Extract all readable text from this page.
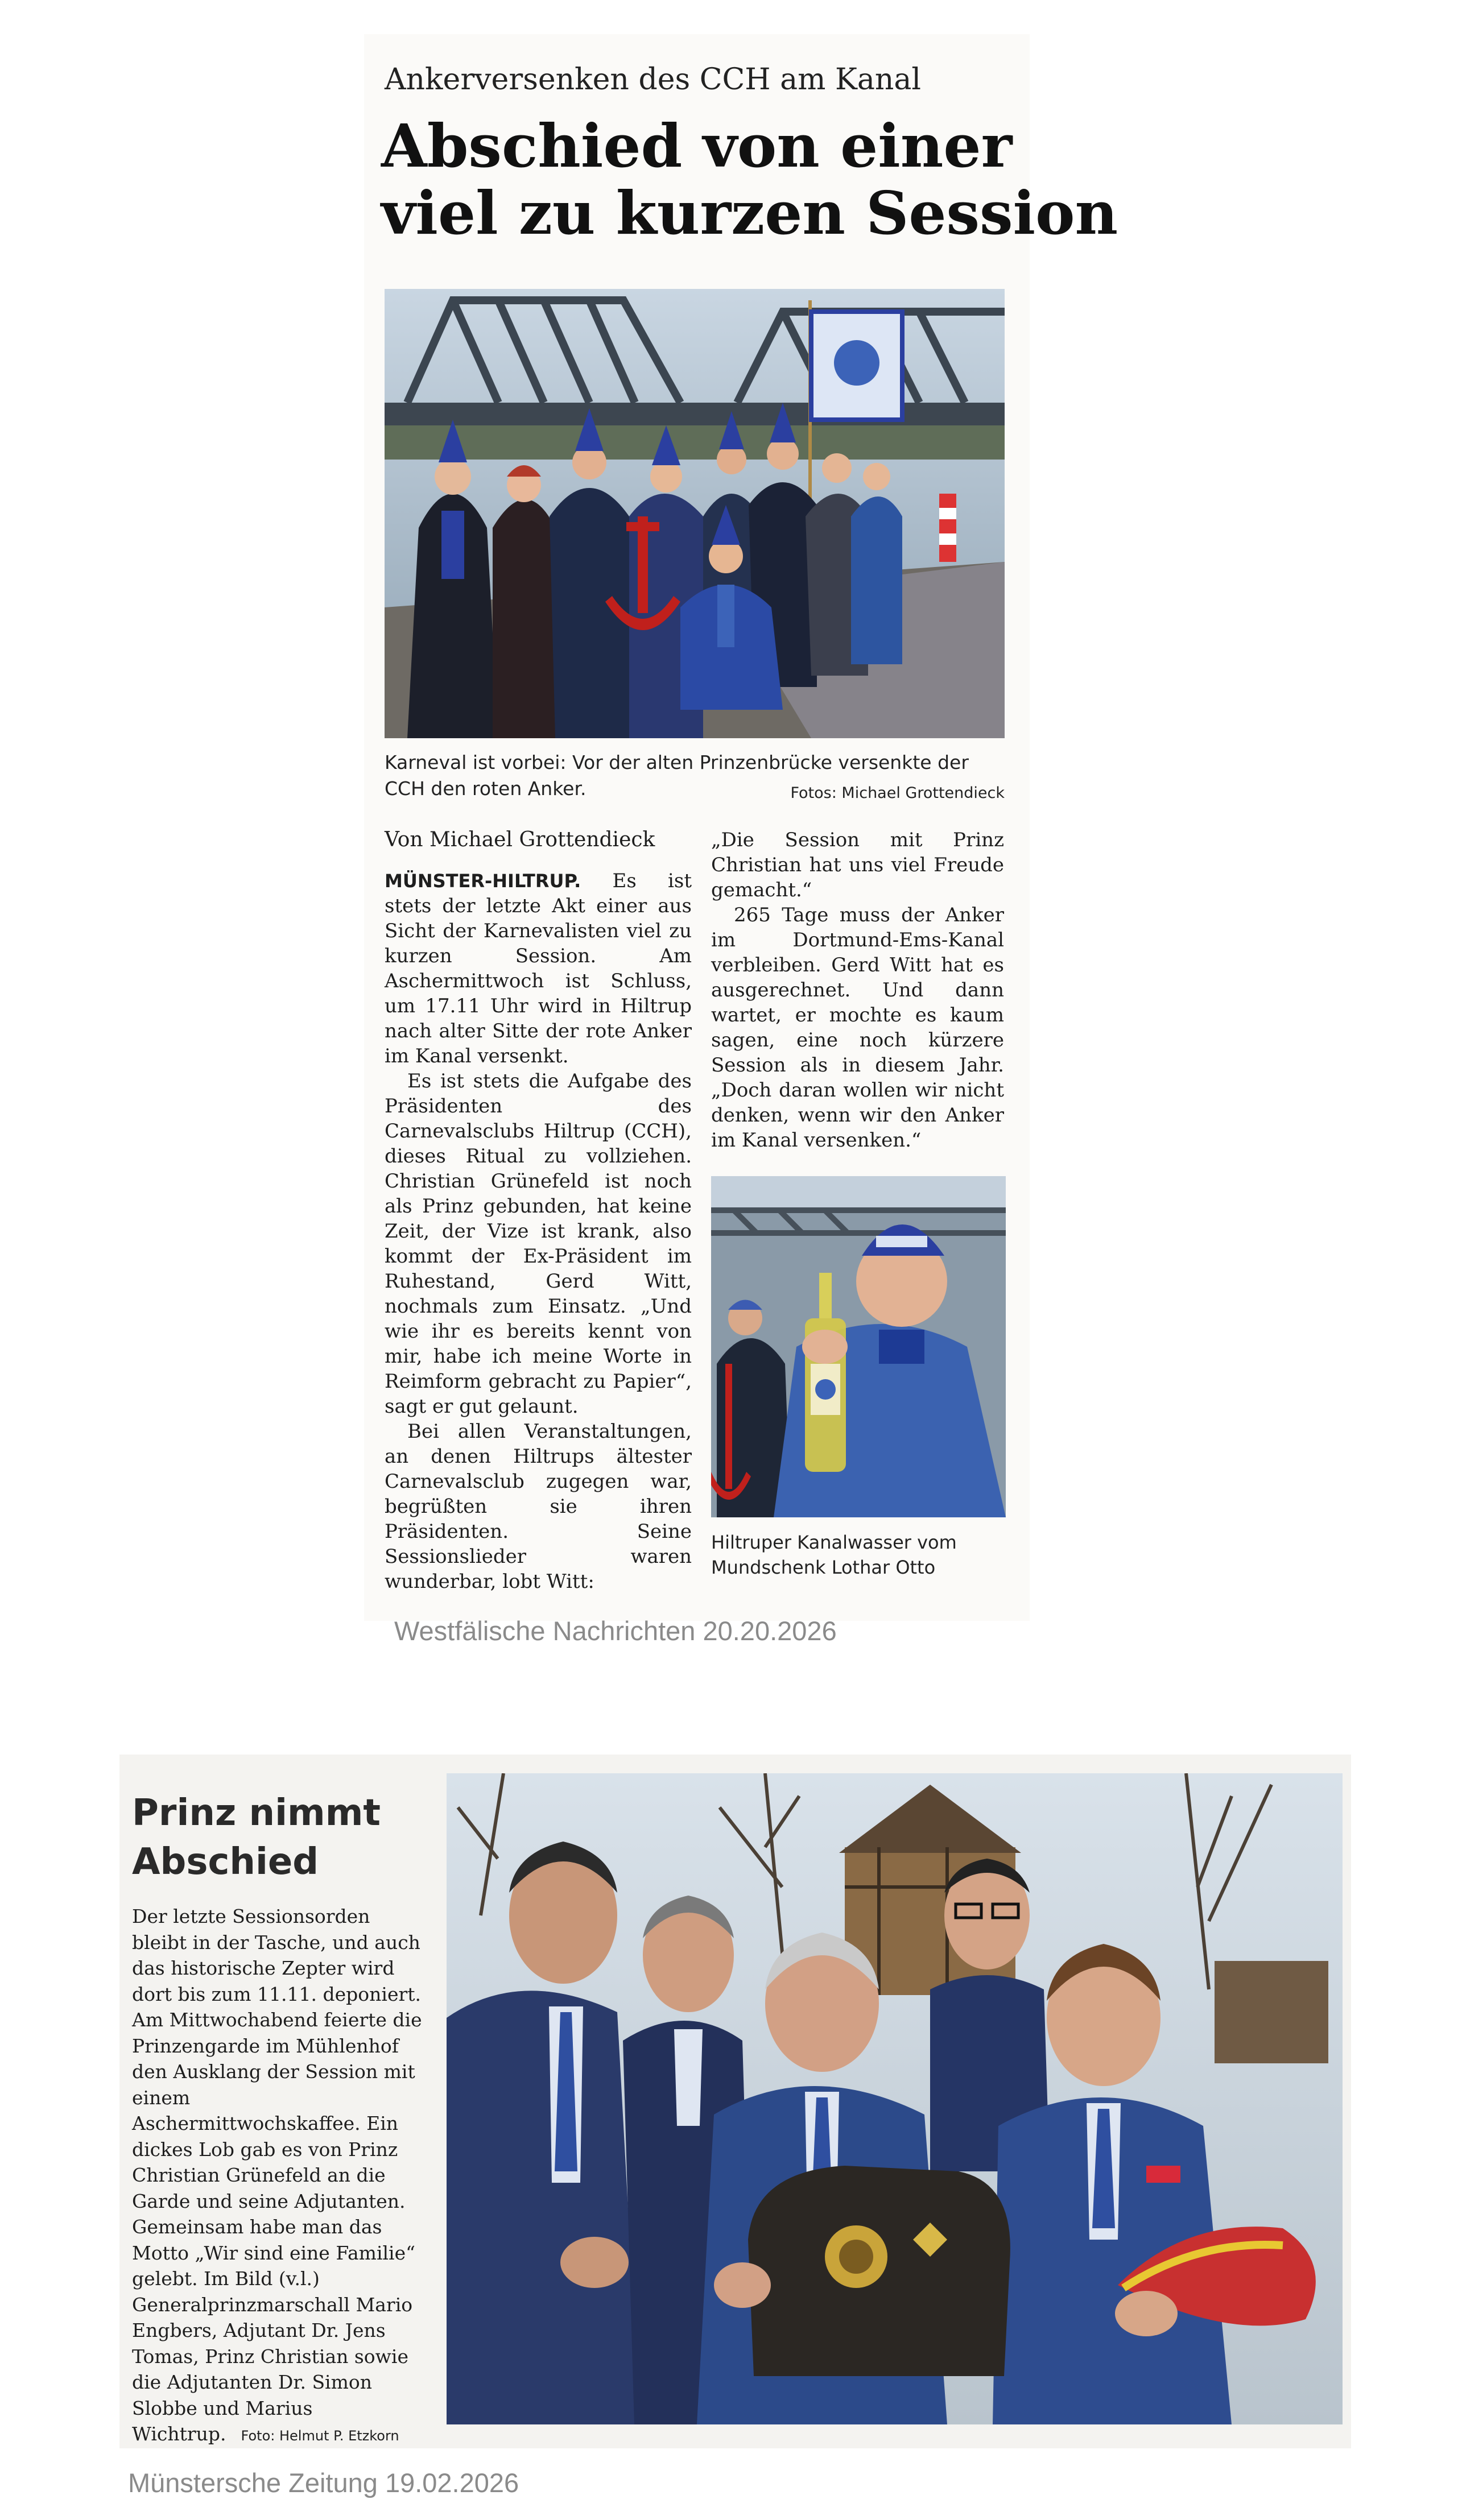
Ankerversenken des CCH am Kanal
Abschied von einer
viel zu kurzen Session
Karneval ist vorbei: Vor der alten Prinzenbrücke versenkte der CCH den roten Anker.	Fotos: Michael Grottendieck
Von Michael Grottendieck

MÜNSTER-HILTRUP. Es ist stets der letzte Akt einer aus Sicht der Karnevalisten viel zu kurzen Session. Am Aschermittwoch ist Schluss, um 17.11 Uhr wird in Hiltrup nach alter Sitte der rote Anker im Kanal versenkt.

Es ist stets die Aufgabe des Präsidenten des Carnevalsclubs Hiltrup (CCH), dieses Ritual zu vollziehen. Christian Grünefeld ist noch als Prinz gebunden, hat keine Zeit, der Vize ist krank, also kommt der Ex-Präsident im Ruhestand, Gerd Witt, nochmals zum Einsatz. „Und wie ihr es bereits kennt von mir, habe ich meine Worte in Reimform gebracht zu Papier“, sagt er gut gelaunt.

Bei allen Veranstaltungen, an denen Hiltrups ältester Carnevalsclub zugegen war, begrüßten sie ihren Präsidenten. Seine Sessionslieder waren wunderbar, lobt Witt:

„Die Session mit Prinz Christian hat uns viel Freude gemacht.“

265 Tage muss der Anker im Dortmund-Ems-Kanal verbleiben. Gerd Witt hat es ausgerechnet. Und dann wartet, er mochte es kaum sagen, eine noch kürzere Session als in diesem Jahr. „Doch daran wollen wir nicht denken, wenn wir den Anker im Kanal versenken.“

Hiltruper Kanalwasser vom Mundschenk Lothar Otto
Westfälische Nachrichten 20.20.2026
Prinz nimmt
Abschied
Der letzte Sessionsorden bleibt in der Tasche, und auch das historische Zepter wird dort bis zum 11.11. deponiert. Am Mittwochabend feierte die Prinzengarde im Mühlenhof den Ausklang der Session mit einem Aschermittwochskaffee. Ein dickes Lob gab es von Prinz Christian Grünefeld an die Garde und seine Adjutanten. Gemeinsam habe man das Motto „Wir sind eine Familie“ gelebt. Im Bild (v.l.) Generalprinzmarschall Mario Engbers, Adjutant Dr. Jens Tomas, Prinz Christian sowie die Adjutanten Dr. Simon Slobbe und Marius Wichtrup. Foto: Helmut P. Etzkorn
Münstersche Zeitung 19.02.2026
